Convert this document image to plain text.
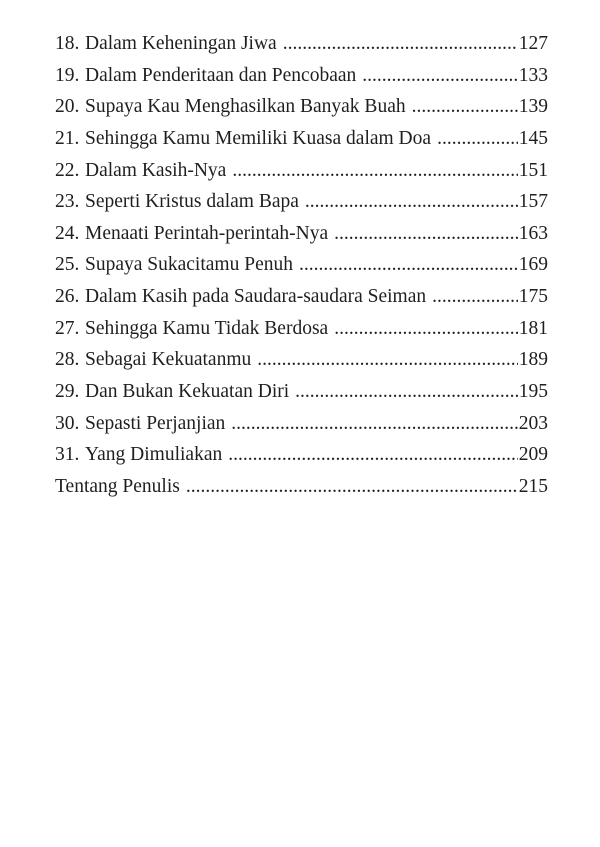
18. Dalam Keheningan Jiwa .....	127
19. Dalam Penderitaan dan Pencobaan .....	133
20. Supaya Kau Menghasilkan Banyak Buah .....	139
21. Sehingga Kamu Memiliki Kuasa dalam Doa .....	145
22. Dalam Kasih-Nya .....	151
23. Seperti Kristus dalam Bapa .....	157
24. Menaati Perintah-perintah-Nya .....	163
25. Supaya Sukacitamu Penuh .....	169
26. Dalam Kasih pada Saudara-saudara Seiman .....	175
27. Sehingga Kamu Tidak Berdosa .....	181
28. Sebagai Kekuatanmu .....	189
29. Dan Bukan Kekuatan Diri .....	195
30. Sepasti Perjanjian .....	203
31. Yang Dimuliakan .....	209
Tentang Penulis .....	215
